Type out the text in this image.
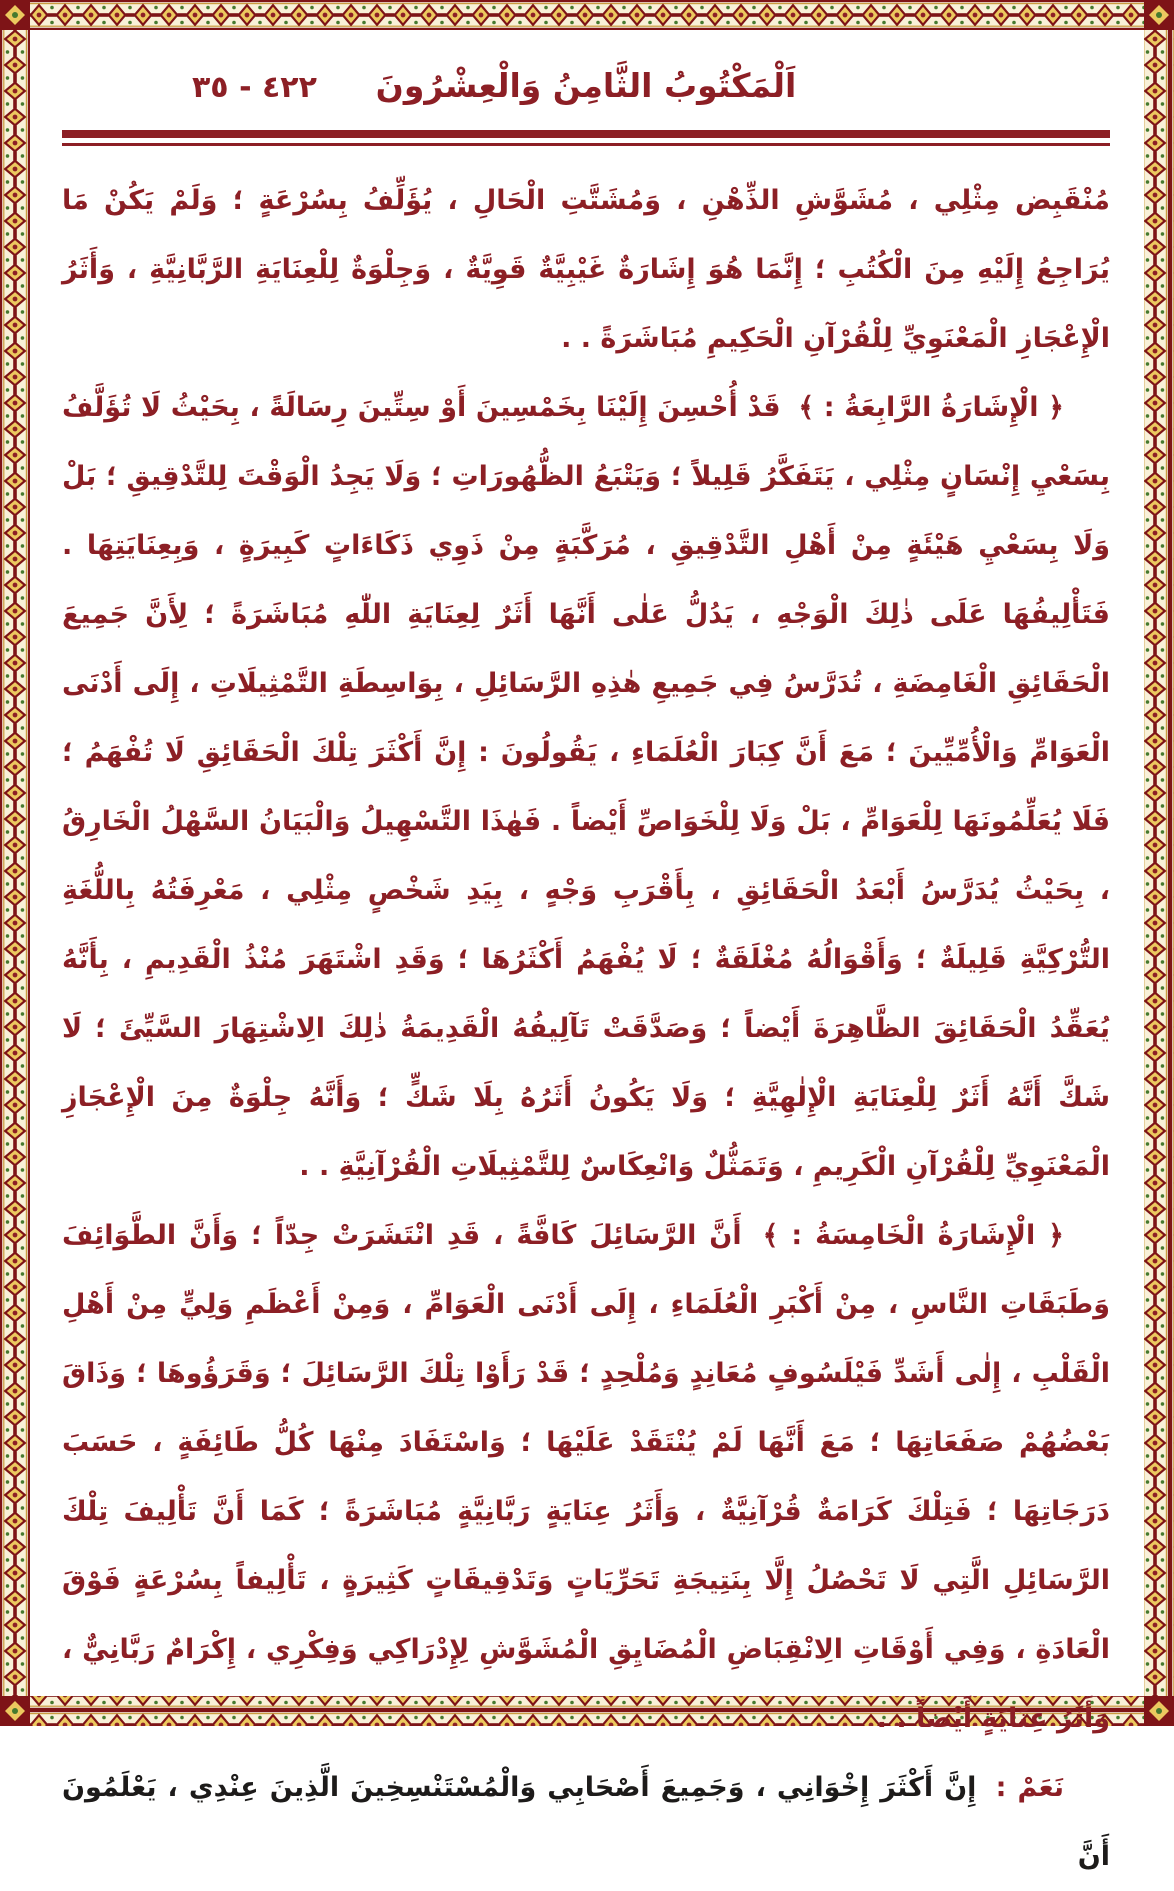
٤٢٢ - ٣٥	اَلْمَكْتُوبُ الثَّامِنُ وَالْعِشْرُونَ

مُنْقَبِض مِثْلِي ، مُشَوَّشِ الذِّهْنِ ، وَمُشَتَّتِ الْحَالِ ، يُؤَلِّفُ بِسُرْعَةٍ ؛ وَلَمْ يَكُنْ مَا يُرَاجِعُ إِلَيْهِ مِنَ الْكُتُبِ ؛ إِنَّمَا هُوَ إِشَارَةٌ غَيْبِيَّةٌ قَوِيَّةٌ ، وَجِلْوَةٌ لِلْعِنَايَةِ الرَّبَّانِيَّةِ ، وَأَثَرُ الْإِعْجَازِ الْمَعْنَوِيِّ لِلْقُرْآنِ الْحَكِيمِ مُبَاشَرَةً . .

﴿ الْإِشَارَةُ الرَّابِعَةُ : ﴾ قَدْ أُحْسِنَ إِلَيْنَا بِخَمْسِينَ أَوْ سِتِّينَ رِسَالَةً ، بِحَيْثُ لَا تُؤَلَّفُ بِسَعْيِ إِنْسَانٍ مِثْلِي ، يَتَفَكَّرُ قَلِيلاً ؛ وَيَتْبَعُ الظُّهُورَاتِ ؛ وَلَا يَجِدُ الْوَقْتَ لِلتَّدْقِيقِ ؛ بَلْ وَلَا بِسَعْيِ هَيْئَةٍ مِنْ أَهْلِ التَّدْقِيقِ ، مُرَكَّبَةٍ مِنْ ذَوِي ذَكَاءَاتٍ كَبِيرَةٍ ، وَبِعِنَايَتِهَا . فَتَأْلِيفُهَا عَلَى ذٰلِكَ الْوَجْهِ ، يَدُلُّ عَلٰى أَنَّهَا أَثَرٌ لِعِنَايَةِ اللّٰهِ مُبَاشَرَةً ؛ لِأَنَّ جَمِيعَ الْحَقَائِقِ الْغَامِضَةِ ، تُدَرَّسُ فِي جَمِيعِ هٰذِهِ الرَّسَائِلِ ، بِوَاسِطَةِ التَّمْثِيلَاتِ ، إِلَى أَدْنَى الْعَوَامِّ وَالْأُمِّيِّينَ ؛ مَعَ أَنَّ كِبَارَ الْعُلَمَاءِ ، يَقُولُونَ : إِنَّ أَكْثَرَ تِلْكَ الْحَقَائِقِ لَا تُفْهَمُ ؛ فَلَا يُعَلِّمُونَهَا لِلْعَوَامِّ ، بَلْ وَلَا لِلْخَوَاصِّ أَيْضاً . فَهٰذَا التَّسْهِيلُ وَالْبَيَانُ السَّهْلُ الْخَارِقُ ، بِحَيْثُ يُدَرَّسُ أَبْعَدُ الْحَقَائِقِ ، بِأَقْرَبِ وَجْهٍ ، بِيَدِ شَخْصٍ مِثْلِي ، مَعْرِفَتُهُ بِاللُّغَةِ التُّرْكِيَّةِ قَلِيلَةٌ ؛ وَأَقْوَالُهُ مُغْلَقَةٌ ؛ لَا يُفْهَمُ أَكْثَرُهَا ؛ وَقَدِ اشْتَهَرَ مُنْذُ الْقَدِيمِ ، بِأَنَّهُ يُعَقِّدُ الْحَقَائِقَ الظَّاهِرَةَ أَيْضاً ؛ وَصَدَّقَتْ تَآلِيفُهُ الْقَدِيمَةُ ذٰلِكَ الِاشْتِهَارَ السَّيِّئَ ؛ لَا شَكَّ أَنَّهُ أَثَرٌ لِلْعِنَايَةِ الْإِلٰهِيَّةِ ؛ وَلَا يَكُونُ أَثَرُهُ بِلَا شَكٍّ ؛ وَأَنَّهُ جِلْوَةٌ مِنَ الْإِعْجَازِ الْمَعْنَوِيِّ لِلْقُرْآنِ الْكَرِيمِ ، وَتَمَثُّلٌ وَانْعِكَاسٌ لِلتَّمْثِيلَاتِ الْقُرْآنِيَّةِ . .

﴿ الْإِشَارَةُ الْخَامِسَةُ : ﴾ أَنَّ الرَّسَائِلَ كَافَّةً ، قَدِ انْتَشَرَتْ جِدّاً ؛ وَأَنَّ الطَّوَائِفَ وَطَبَقَاتِ النَّاسِ ، مِنْ أَكْبَرِ الْعُلَمَاءِ ، إِلَى أَدْنَى الْعَوَامِّ ، وَمِنْ أَعْظَمِ وَلِيٍّ مِنْ أَهْلِ الْقَلْبِ ، إِلٰى أَشَدِّ فَيْلَسُوفٍ مُعَانِدٍ وَمُلْحِدٍ ؛ قَدْ رَأَوْا تِلْكَ الرَّسَائِلَ ؛ وَقَرَؤُوهَا ؛ وَذَاقَ بَعْضُهُمْ صَفَعَاتِهَا ؛ مَعَ أَنَّهَا لَمْ يُنْتَقَدْ عَلَيْهَا ؛ وَاسْتَفَادَ مِنْهَا كُلُّ طَائِفَةٍ ، حَسَبَ دَرَجَاتِهَا ؛ فَتِلْكَ كَرَامَةٌ قُرْآنِيَّةٌ ، وَأَثَرُ عِنَايَةٍ رَبَّانِيَّةٍ مُبَاشَرَةً ؛ كَمَا أَنَّ تَأْلِيفَ تِلْكَ الرَّسَائِلِ الَّتِي لَا تَحْصُلُ إِلَّا بِنَتِيجَةِ تَحَرِّيَاتٍ وَتَدْقِيقَاتٍ كَثِيرَةٍ ، تَأْلِيفاً بِسُرْعَةٍ فَوْقَ الْعَادَةِ ، وَفِي أَوْقَاتِ الِانْقِبَاضِ الْمُضَايِقِ الْمُشَوَّشِ لِإِدْرَاكِي وَفِكْرِي ، إِكْرَامٌ رَبَّانِيٌّ ، وَأَثَرُ عِنَايَةٍ أَيْضاً . .

نَعَمْ : إِنَّ أَكْثَرَ إِخْوَانِي ، وَجَمِيعَ أَصْحَابِي وَالْمُسْتَنْسِخِينَ الَّذِينَ عِنْدِي ، يَعْلَمُونَ أَنَّ
